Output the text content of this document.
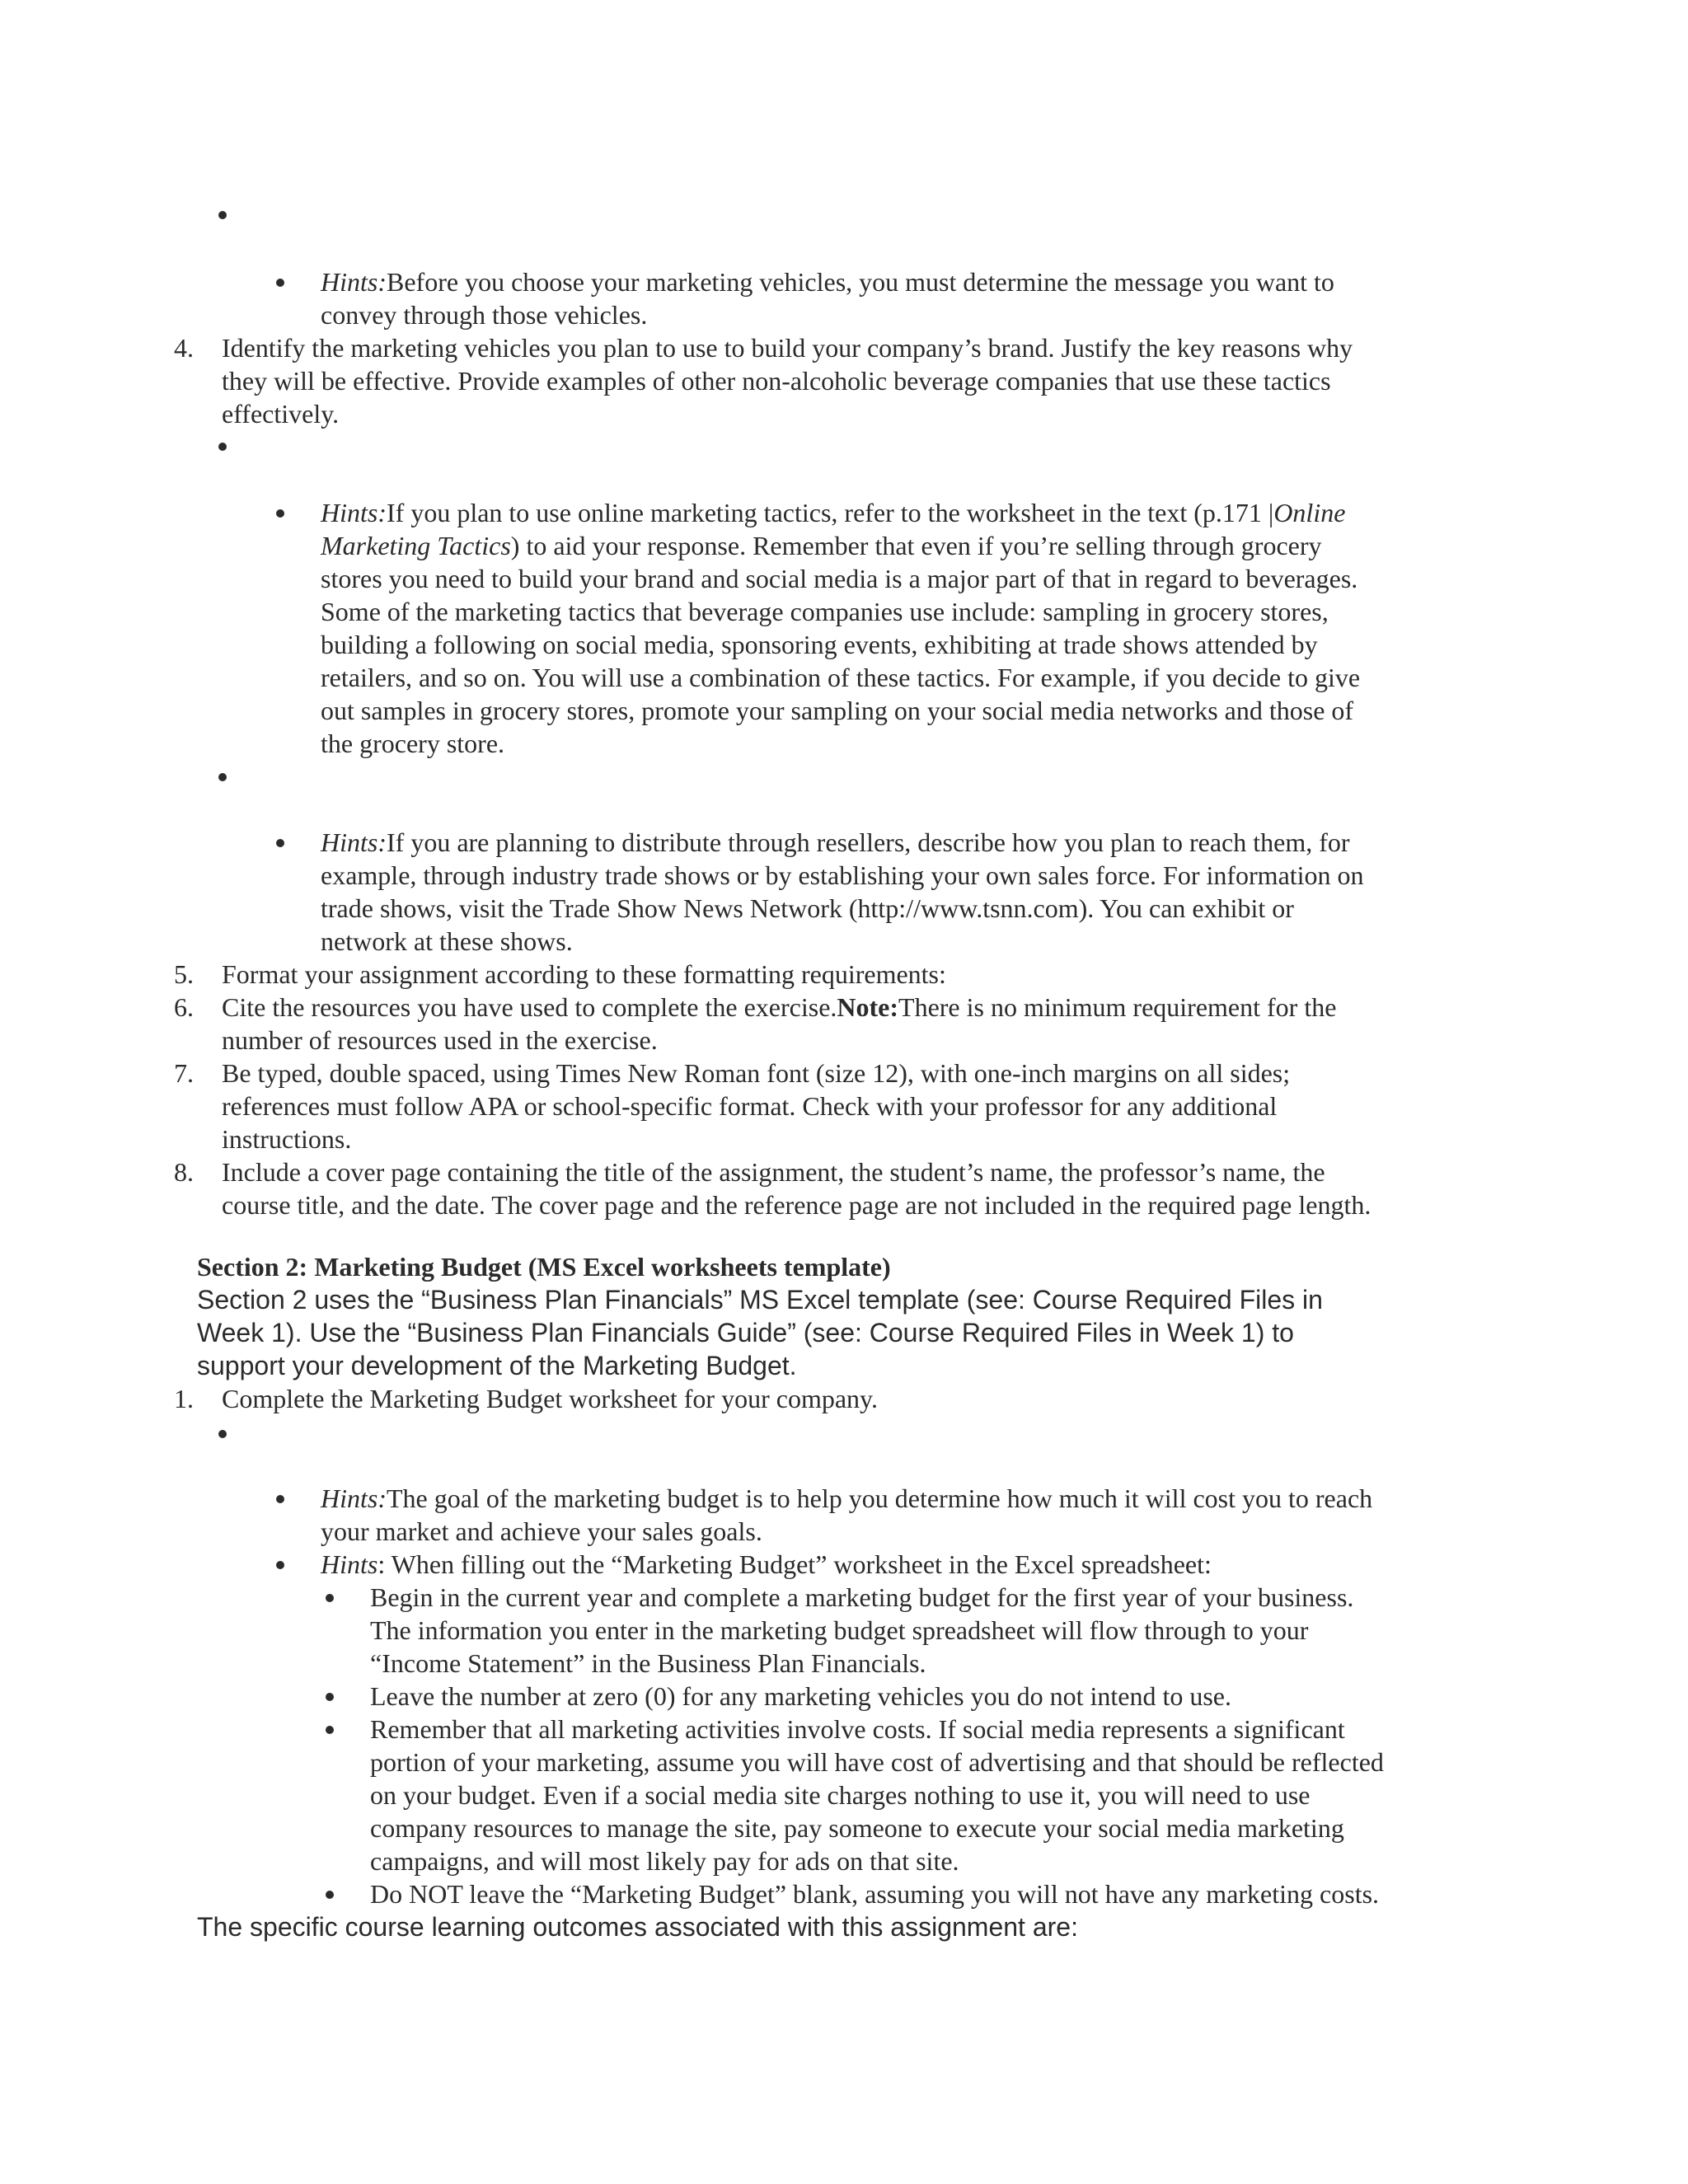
Hints:Before you choose your marketing vehicles, you must determine the message you want to
convey through those vehicles.
4. Identify the marketing vehicles you plan to use to build your company’s brand. Justify the key reasons why
they will be effective. Provide examples of other non-alcoholic beverage companies that use these tactics
effectively.
Hints:If you plan to use online marketing tactics, refer to the worksheet in the text (p.171 |Online
Marketing Tactics) to aid your response. Remember that even if you’re selling through grocery
stores you need to build your brand and social media is a major part of that in regard to beverages.
Some of the marketing tactics that beverage companies use include: sampling in grocery stores,
building a following on social media, sponsoring events, exhibiting at trade shows attended by
retailers, and so on. You will use a combination of these tactics. For example, if you decide to give
out samples in grocery stores, promote your sampling on your social media networks and those of
the grocery store.
Hints:If you are planning to distribute through resellers, describe how you plan to reach them, for
example, through industry trade shows or by establishing your own sales force. For information on
trade shows, visit the Trade Show News Network (http://www.tsnn.com). You can exhibit or
network at these shows.
5. Format your assignment according to these formatting requirements:
6. Cite the resources you have used to complete the exercise.Note:There is no minimum requirement for the
number of resources used in the exercise.
7. Be typed, double spaced, using Times New Roman font (size 12), with one-inch margins on all sides;
references must follow APA or school-specific format. Check with your professor for any additional
instructions.
8. Include a cover page containing the title of the assignment, the student’s name, the professor’s name, the
course title, and the date. The cover page and the reference page are not included in the required page length.
Section 2: Marketing Budget (MS Excel worksheets template)
Section 2 uses the “Business Plan Financials” MS Excel template (see: Course Required Files in
Week 1). Use the “Business Plan Financials Guide” (see: Course Required Files in Week 1) to
support your development of the Marketing Budget.
1. Complete the Marketing Budget worksheet for your company.
Hints:The goal of the marketing budget is to help you determine how much it will cost you to reach
your market and achieve your sales goals.
Hints: When filling out the “Marketing Budget” worksheet in the Excel spreadsheet:
Begin in the current year and complete a marketing budget for the first year of your business.
The information you enter in the marketing budget spreadsheet will flow through to your
“Income Statement” in the Business Plan Financials.
Leave the number at zero (0) for any marketing vehicles you do not intend to use.
Remember that all marketing activities involve costs. If social media represents a significant
portion of your marketing, assume you will have cost of advertising and that should be reflected
on your budget. Even if a social media site charges nothing to use it, you will need to use
company resources to manage the site, pay someone to execute your social media marketing
campaigns, and will most likely pay for ads on that site.
Do NOT leave the “Marketing Budget” blank, assuming you will not have any marketing costs.
The specific course learning outcomes associated with this assignment are:
